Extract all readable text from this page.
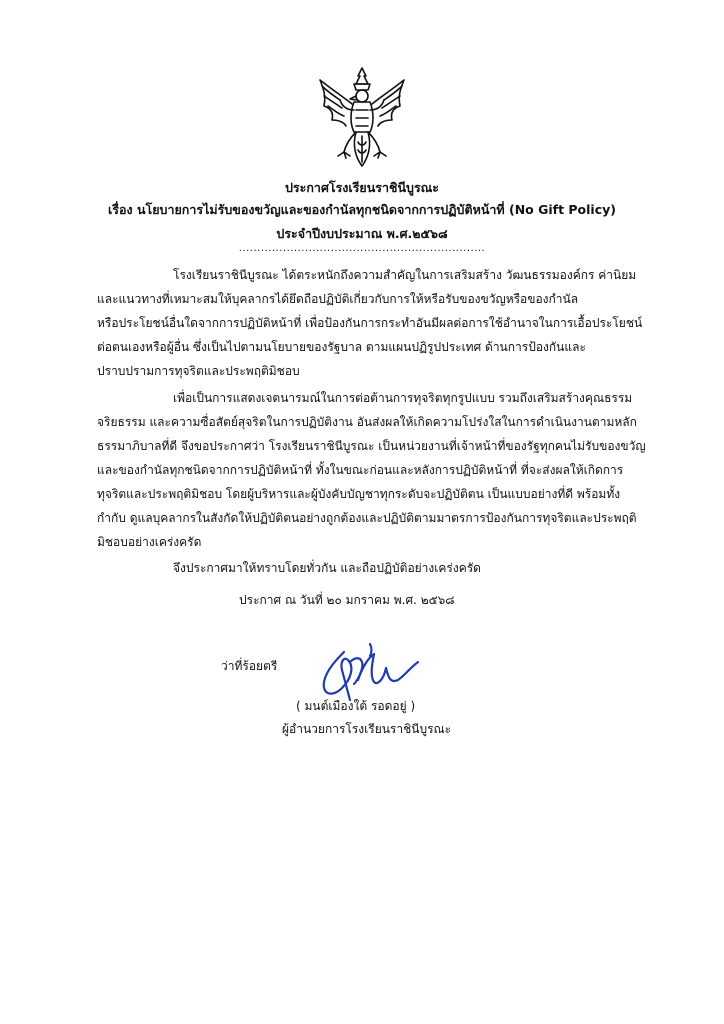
ประกาศโรงเรียนราชินีบูรณะ
เรื่อง นโยบายการไม่รับของขวัญและของกำนัลทุกชนิดจากการปฏิบัติหน้าที่ (No Gift Policy)
ประจำปีงบประมาณ พ.ศ.๒๕๖๘
...................................................................
โรงเรียนราชินีบูรณะ ได้ตระหนักถึงความสำคัญในการเสริมสร้าง วัฒนธรรมองค์กร ค่านิยม
และแนวทางที่เหมาะสมให้บุคลากรได้ยึดถือปฏิบัติเกี่ยวกับการให้หรือรับของขวัญหรือของกำนัล
หรือประโยชน์อื่นใดจากการปฏิบัติหน้าที่ เพื่อป้องกันการกระทำอันมีผลต่อการใช้อำนาจในการเอื้อประโยชน์
ต่อตนเองหรือผู้อื่น ซึ่งเป็นไปตามนโยบายของรัฐบาล ตามแผนปฏิรูปประเทศ ด้านการป้องกันและ
ปราบปรามการทุจริตและประพฤติมิชอบ
เพื่อเป็นการแสดงเจตนารมณ์ในการต่อต้านการทุจริตทุกรูปแบบ รวมถึงเสริมสร้างคุณธรรม
จริยธรรม และความซื่อสัตย์สุจริตในการปฏิบัติงาน อันส่งผลให้เกิดความโปร่งใสในการดำเนินงานตามหลัก
ธรรมาภิบาลที่ดี จึงขอประกาศว่า โรงเรียนราชินีบูรณะ เป็นหน่วยงานที่เจ้าหน้าที่ของรัฐทุกคนไม่รับของขวัญ
และของกำนัลทุกชนิดจากการปฏิบัติหน้าที่ ทั้งในขณะก่อนและหลังการปฏิบัติหน้าที่ ที่จะส่งผลให้เกิดการ
ทุจริตและประพฤติมิชอบ โดยผู้บริหารและผู้บังคับบัญชาทุกระดับจะปฏิบัติตน เป็นแบบอย่างที่ดี พร้อมทั้ง
กำกับ ดูแลบุคลากรในสังกัดให้ปฏิบัติตนอย่างถูกต้องและปฏิบัติตามมาตรการป้องกันการทุจริตและประพฤติ
มิชอบอย่างเคร่งครัด
จึงประกาศมาให้ทราบโดยทั่วกัน และถือปฏิบัติอย่างเคร่งครัด
ประกาศ ณ วันที่ ๒๐ มกราคม พ.ศ. ๒๕๖๘
ว่าที่ร้อยตรี
( มนต์เมืองใต้ รอดอยู่ )
ผู้อำนวยการโรงเรียนราชินีบูรณะ
